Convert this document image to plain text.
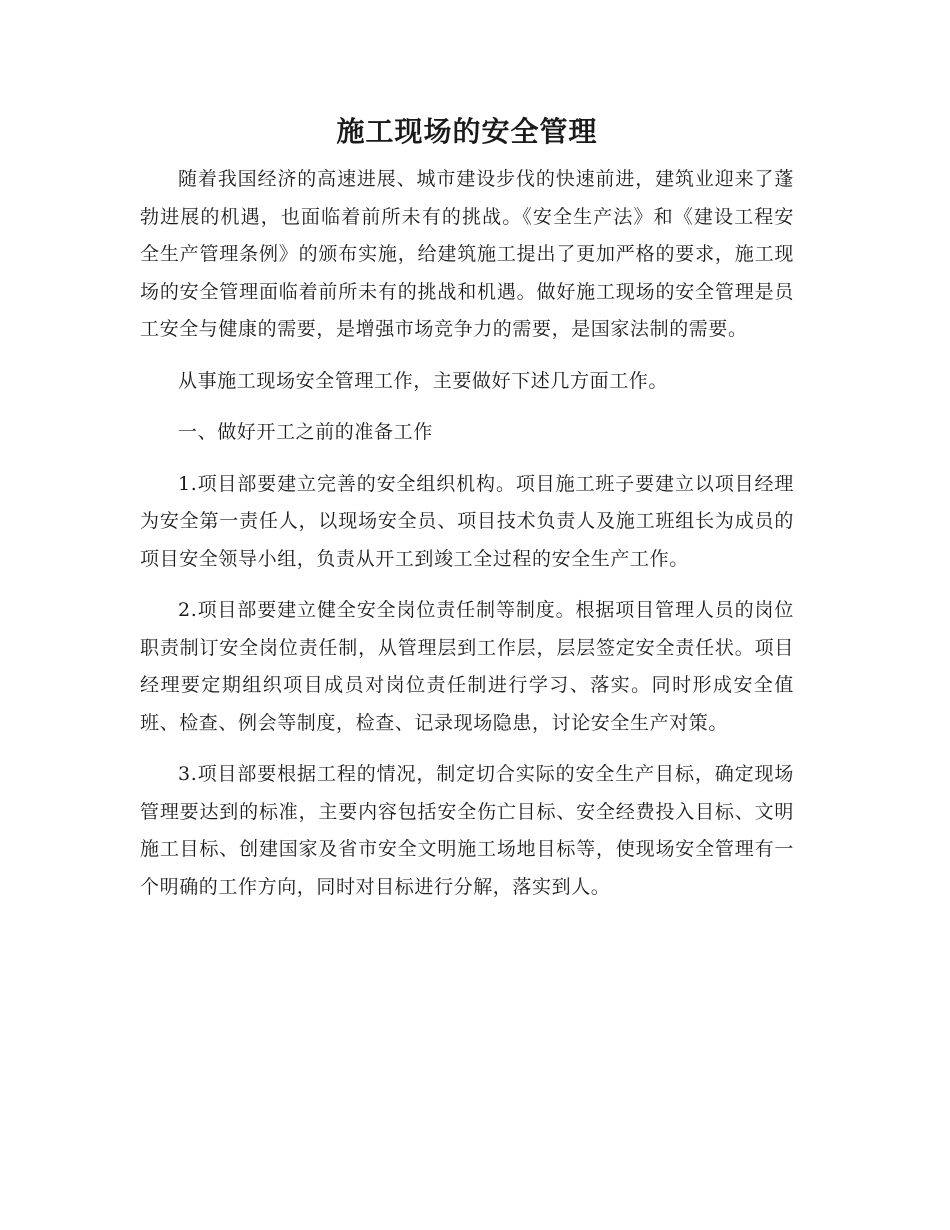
施工现场的安全管理

随着我国经济的高速进展、城市建设步伐的快速前进，建筑业迎来了蓬勃进展的机遇，也面临着前所未有的挑战。《安全生产法》和《建设工程安全生产管理条例》的颁布实施，给建筑施工提出了更加严格的要求，施工现场的安全管理面临着前所未有的挑战和机遇。做好施工现场的安全管理是员工安全与健康的需要，是增强市场竞争力的需要，是国家法制的需要。

从事施工现场安全管理工作，主要做好下述几方面工作。

一、做好开工之前的准备工作

1.项目部要建立完善的安全组织机构。项目施工班子要建立以项目经理为安全第一责任人，以现场安全员、项目技术负责人及施工班组长为成员的项目安全领导小组，负责从开工到竣工全过程的安全生产工作。

2.项目部要建立健全安全岗位责任制等制度。根据项目管理人员的岗位职责制订安全岗位责任制，从管理层到工作层，层层签定安全责任状。项目经理要定期组织项目成员对岗位责任制进行学习、落实。同时形成安全值班、检查、例会等制度，检查、记录现场隐患，讨论安全生产对策。

3.项目部要根据工程的情况，制定切合实际的安全生产目标，确定现场管理要达到的标准，主要内容包括安全伤亡目标、安全经费投入目标、文明施工目标、创建国家及省市安全文明施工场地目标等，使现场安全管理有一个明确的工作方向，同时对目标进行分解，落实到人。
